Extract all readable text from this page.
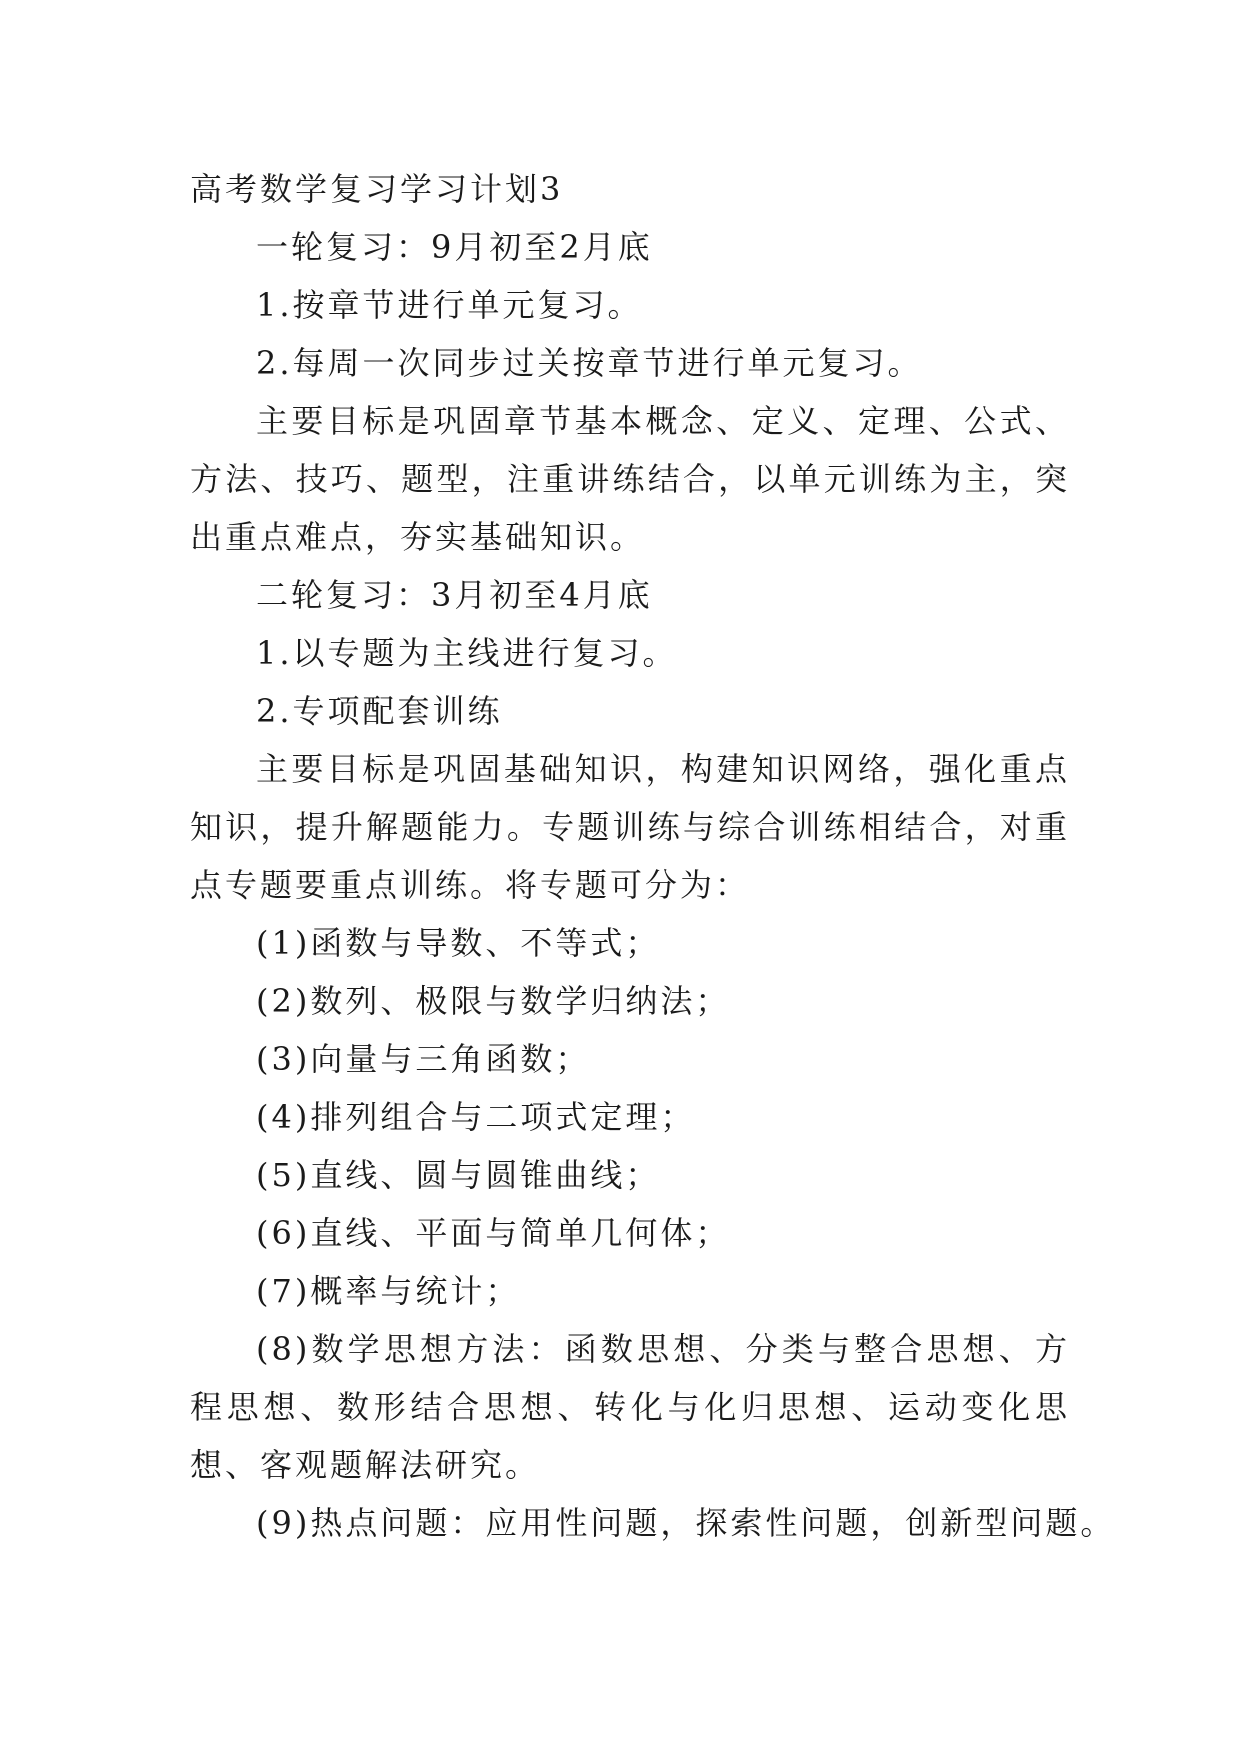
高考数学复习学习计划3
一轮复习：9月初至2月底
1.按章节进行单元复习。
2.每周一次同步过关按章节进行单元复习。
主要目标是巩固章节基本概念、定义、定理、公式、方法、技巧、题型，注重讲练结合，以单元训练为主，突出重点难点，夯实基础知识。
二轮复习：3月初至4月底
1.以专题为主线进行复习。
2.专项配套训练
主要目标是巩固基础知识，构建知识网络，强化重点知识，提升解题能力。专题训练与综合训练相结合，对重点专题要重点训练。将专题可分为：
(1)函数与导数、不等式；
(2)数列、极限与数学归纳法；
(3)向量与三角函数；
(4)排列组合与二项式定理；
(5)直线、圆与圆锥曲线；
(6)直线、平面与简单几何体；
(7)概率与统计；
(8)数学思想方法：函数思想、分类与整合思想、方程思想、数形结合思想、转化与化归思想、运动变化思想、客观题解法研究。
(9)热点问题：应用性问题，探索性问题，创新型问题。
